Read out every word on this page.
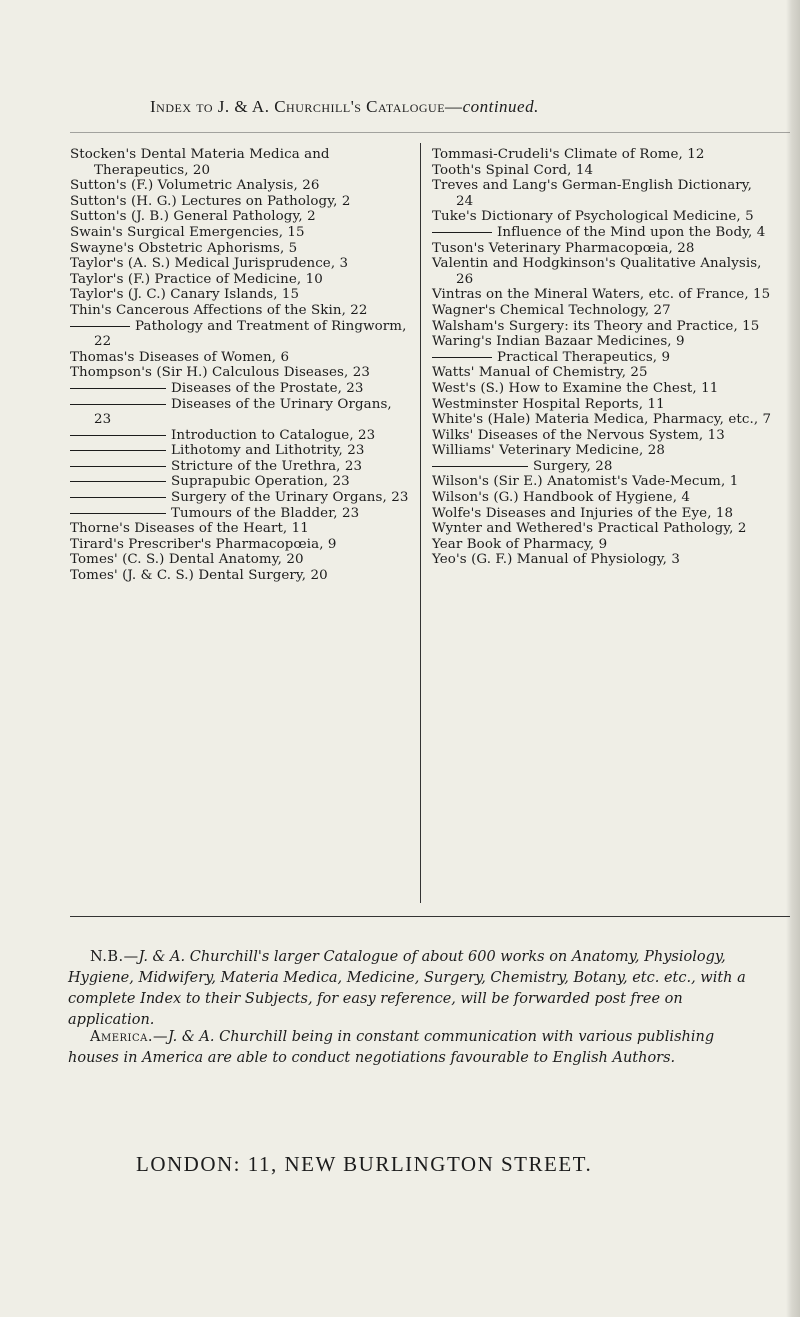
Index to J. & A. Churchill's Catalogue—continued.

Stocken's Dental Materia Medica and Therapeutics, 20

Sutton's (F.) Volumetric Analysis, 26

Sutton's (H. G.) Lectures on Pathology, 2

Sutton's (J. B.) General Pathology, 2

Swain's Surgical Emergencies, 15

Swayne's Obstetric Aphorisms, 5

Taylor's (A. S.) Medical Jurisprudence, 3

Taylor's (F.) Practice of Medicine, 10

Taylor's (J. C.) Canary Islands, 15

Thin's Cancerous Affections of the Skin, 22

Pathology and Treatment of Ringworm, 22

Thomas's Diseases of Women, 6

Thompson's (Sir H.) Calculous Diseases, 23

Diseases of the Prostate, 23

Diseases of the Urinary Organs, 23

Introduction to Catalogue, 23

Lithotomy and Lithotrity, 23

Stricture of the Urethra, 23

Suprapubic Operation, 23

Surgery of the Urinary Organs, 23

Tumours of the Bladder, 23

Thorne's Diseases of the Heart, 11

Tirard's Prescriber's Pharmacopœia, 9

Tomes' (C. S.) Dental Anatomy, 20

Tomes' (J. & C. S.) Dental Surgery, 20

Tommasi-Crudeli's Climate of Rome, 12

Tooth's Spinal Cord, 14

Treves and Lang's German-English Dictionary, 24

Tuke's Dictionary of Psychological Medicine, 5

Influence of the Mind upon the Body, 4

Tuson's Veterinary Pharmacopœia, 28

Valentin and Hodgkinson's Qualitative Analysis, 26

Vintras on the Mineral Waters, etc. of France, 15

Wagner's Chemical Technology, 27

Walsham's Surgery: its Theory and Practice, 15

Waring's Indian Bazaar Medicines, 9

Practical Therapeutics, 9

Watts' Manual of Chemistry, 25

West's (S.) How to Examine the Chest, 11

Westminster Hospital Reports, 11

White's (Hale) Materia Medica, Pharmacy, etc., 7

Wilks' Diseases of the Nervous System, 13

Williams' Veterinary Medicine, 28

Surgery, 28

Wilson's (Sir E.) Anatomist's Vade-Mecum, 1

Wilson's (G.) Handbook of Hygiene, 4

Wolfe's Diseases and Injuries of the Eye, 18

Wynter and Wethered's Practical Pathology, 2

Year Book of Pharmacy, 9

Yeo's (G. F.) Manual of Physiology, 3

N.B.—J. & A. Churchill's larger Catalogue of about 600 works on Anatomy, Physiology, Hygiene, Midwifery, Materia Medica, Medicine, Surgery, Chemistry, Botany, etc. etc., with a complete Index to their Subjects, for easy reference, will be forwarded post free on application.

America.—J. & A. Churchill being in constant communication with various publishing houses in America are able to conduct negotiations favourable to English Authors.

LONDON: 11, NEW BURLINGTON STREET.
